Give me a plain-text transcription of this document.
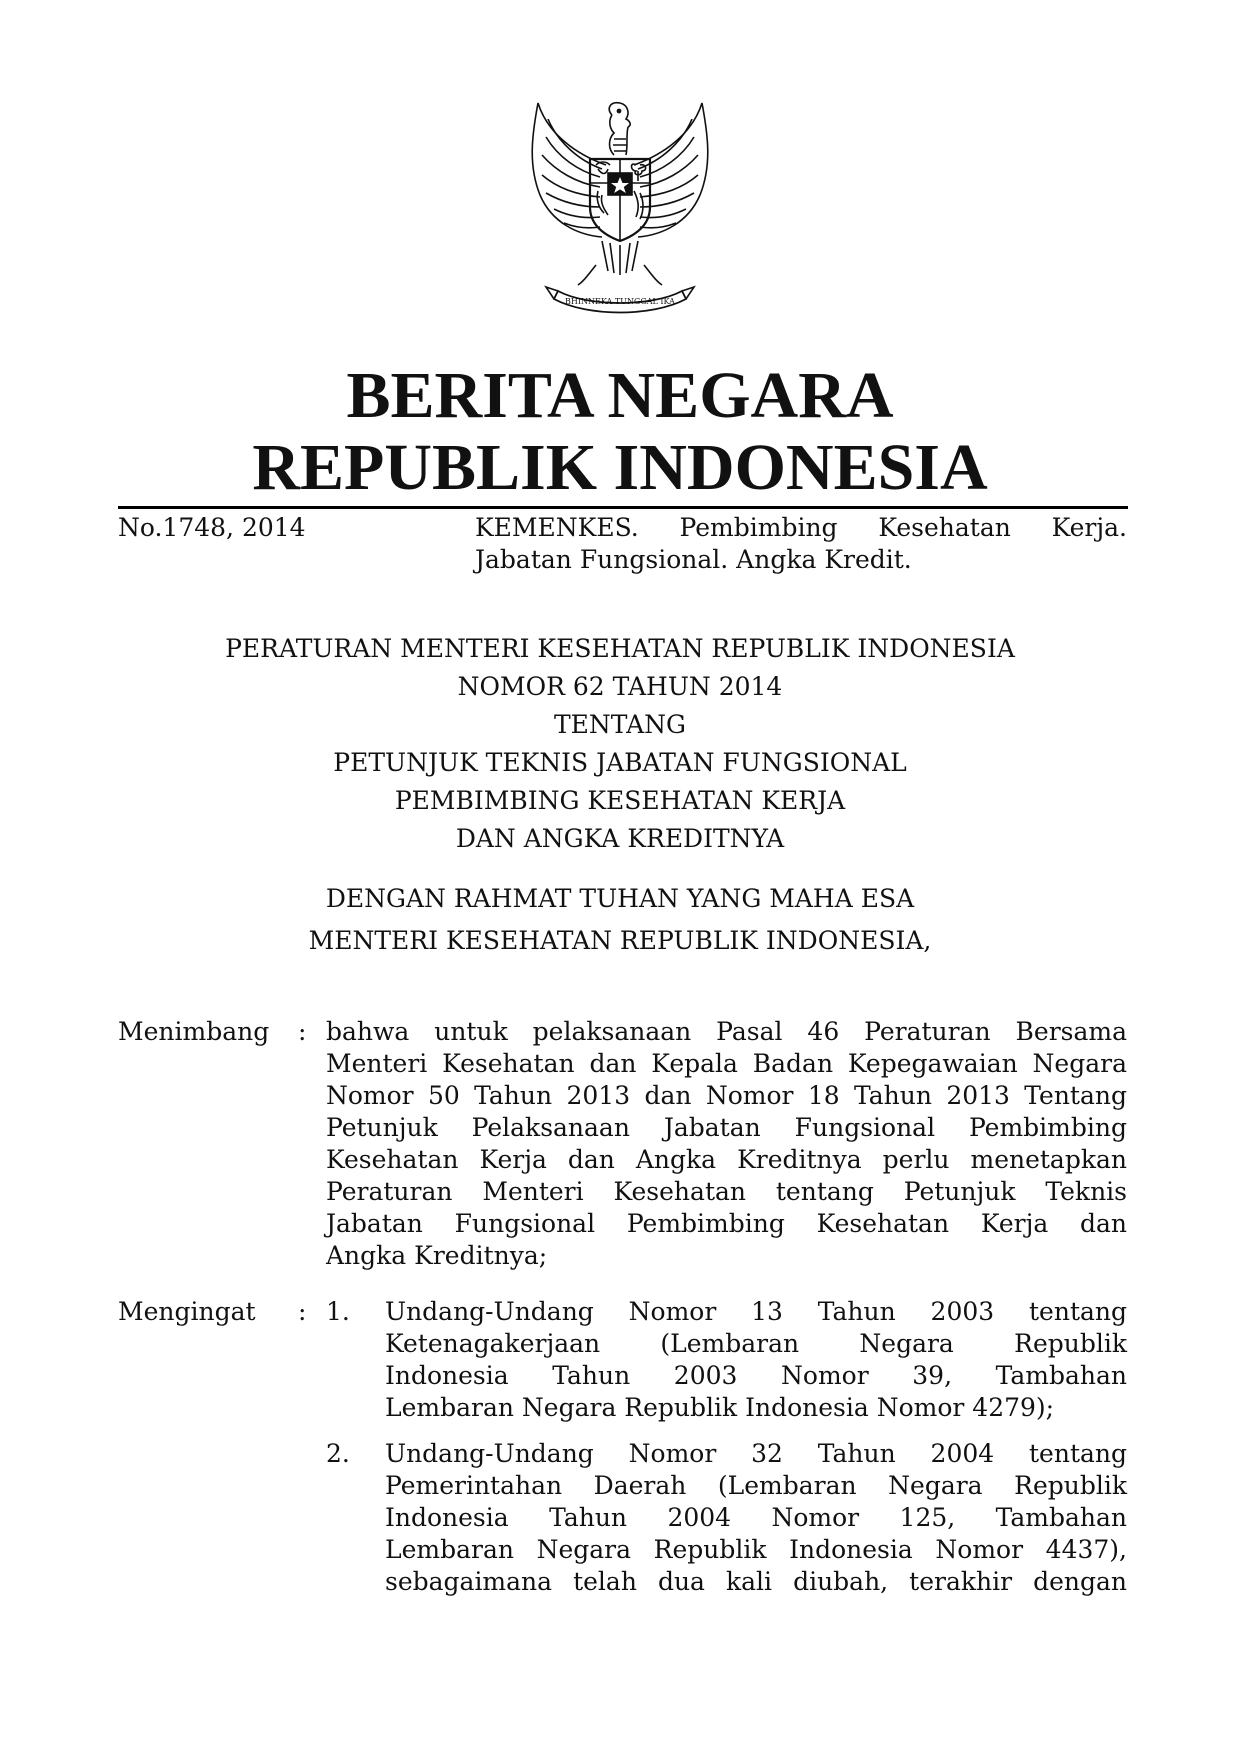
BHINNEKA TUNGGAL IKA
BERITA NEGARA
REPUBLIK INDONESIA
No.1748, 2014	KEMENKES. Pembimbing Kesehatan Kerja.
Jabatan Fungsional. Angka Kredit.
PERATURAN MENTERI KESEHATAN REPUBLIK INDONESIA
NOMOR 62 TAHUN 2014
TENTANG
PETUNJUK TEKNIS JABATAN FUNGSIONAL
PEMBIMBING KESEHATAN KERJA
DAN ANGKA KREDITNYA
DENGAN RAHMAT TUHAN YANG MAHA ESA
MENTERI KESEHATAN REPUBLIK INDONESIA,
Menimbang : bahwa untuk pelaksanaan Pasal 46 Peraturan Bersama
Menteri Kesehatan dan Kepala Badan Kepegawaian Negara
Nomor 50 Tahun 2013 dan Nomor 18 Tahun 2013 Tentang
Petunjuk Pelaksanaan Jabatan Fungsional Pembimbing
Kesehatan Kerja dan Angka Kreditnya perlu menetapkan
Peraturan Menteri Kesehatan tentang Petunjuk Teknis
Jabatan Fungsional Pembimbing Kesehatan Kerja dan
Angka Kreditnya;
Mengingat : 1. Undang-Undang Nomor 13 Tahun 2003 tentang
Ketenagakerjaan (Lembaran Negara Republik
Indonesia Tahun 2003 Nomor 39, Tambahan
Lembaran Negara Republik Indonesia Nomor 4279);
2. Undang-Undang Nomor 32 Tahun 2004 tentang
Pemerintahan Daerah (Lembaran Negara Republik
Indonesia Tahun 2004 Nomor 125, Tambahan
Lembaran Negara Republik Indonesia Nomor 4437),
sebagaimana telah dua kali diubah, terakhir dengan
